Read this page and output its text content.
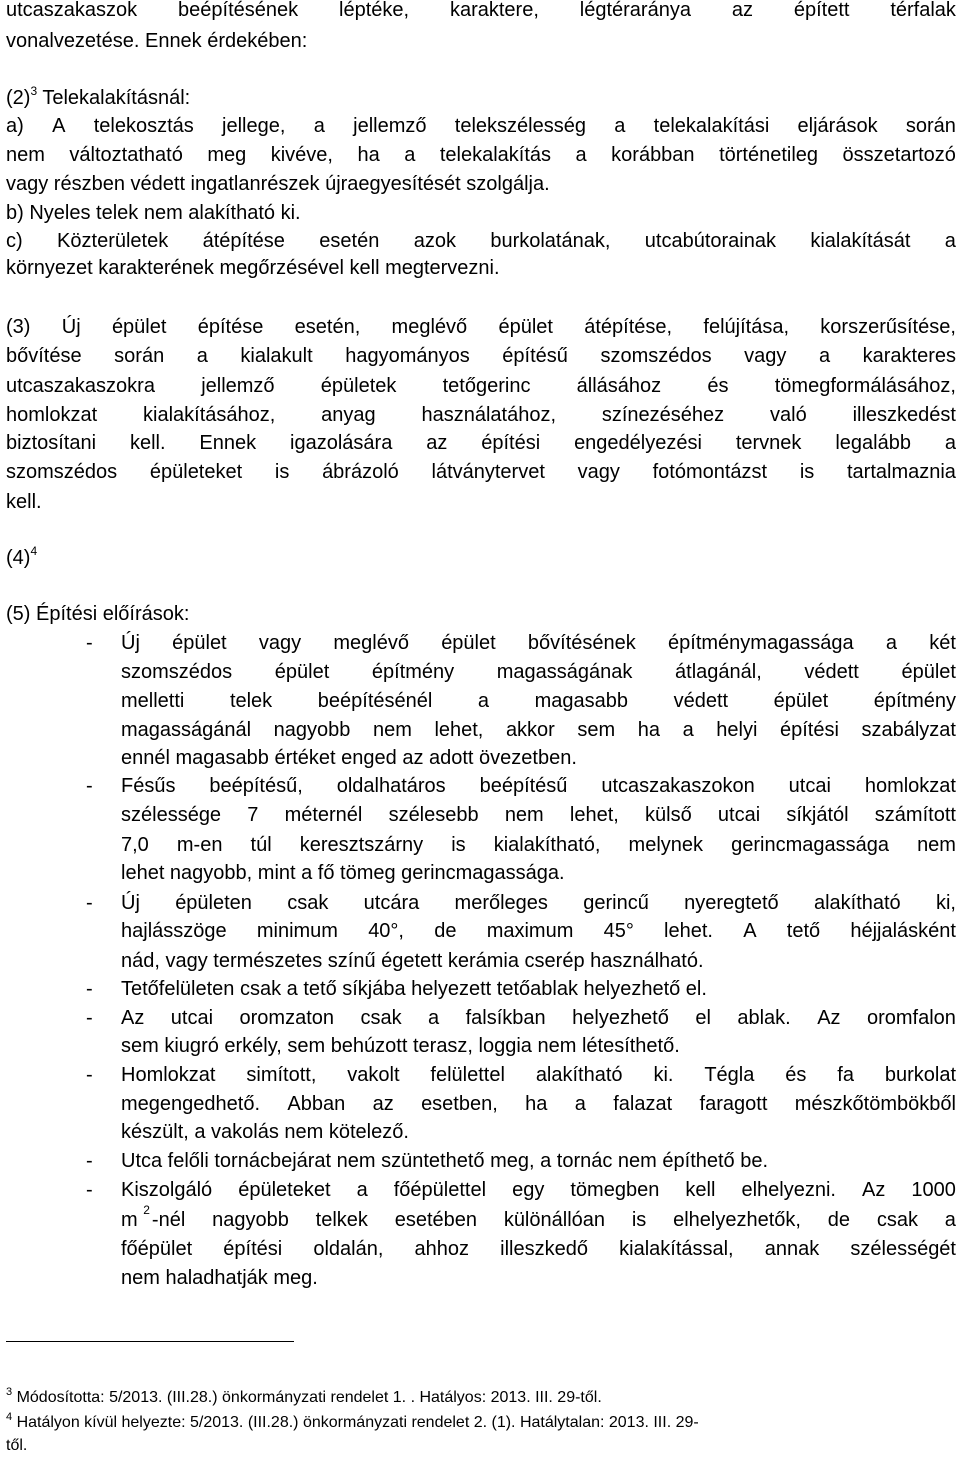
utcaszakaszok beépítésének léptéke, karaktere, légtéraránya az épített térfalak
vonalvezetése. Ennek érdekében:
$(2)^3$ Telekalakításnál:
a) A telekosztás jellege, a jellemző telekszélesség a telekalakítási eljárások során
nem változtatható meg kivéve, ha a telekalakítás a korábban történetileg összetartozó
vagy részben védett ingatlanrészek újraegyesítését szolgálja.
b) Nyeles telek nem alakítható ki.
c) Közterületek átépítése esetén azok burkolatának, utcabútorainak kialakítását a
környezet karakterének megőrzésével kell megtervezni.
(3) Új épület építése esetén, meglévő épület átépítése, felújítása, korszerűsítése,
bővítése során a kialakult hagyományos építésű szomszédos vagy a karakteres
utcaszakaszokra jellemző épületek tetőgerinc állásához és tömegformálásához,
homlokzat kialakításához, anyag használatához, színezéséhez való illeszkedést
biztosítani kell. Ennek igazolására az építési engedélyezési tervnek legalább a
szomszédos épületeket is ábrázoló látványtervet vagy fotómontázst is tartalmaznia
kell.
$(4)^4$
(5) Építési előírások:
- Új épület vagy meglévő épület bővítésének építménymagassága a két
szomszédos épület építmény magasságának átlagánál, védett épület
melletti telek beépítésénél a magasabb védett épület építmény
magasságánál nagyobb nem lehet, akkor sem ha a helyi építési szabályzat
ennél magasabb értéket enged az adott övezetben.
- Fésűs beépítésű, oldalhatáros beépítésű utcaszakaszokon utcai homlokzat
szélessége 7 méternél szélesebb nem lehet, külső utcai síkjától számított
7,0 m-en túl keresztszárny is kialakítható, melynek gerincmagassága nem
lehet nagyobb, mint a fő tömeg gerincmagassága.
- Új épületen csak utcára merőleges gerincű nyeregtető alakítható ki,
hajlásszöge minimum 40°, de maximum 45° lehet. A tető héjjalásként
nád, vagy természetes színű égetett kerámia cserép használható.
- Tetőfelületen csak a tető síkjába helyezett tetőablak helyezhető el.
- Az utcai oromzaton csak a falsíkban helyezhető el ablak. Az oromfalon
sem kiugró erkély, sem behúzott terasz, loggia nem létesíthető.
- Homlokzat simított, vakolt felülettel alakítható ki. Tégla és fa burkolat
megengedhető. Abban az esetben, ha a falazat faragott mészkőtömbökből
készült, a vakolás nem kötelező.
- Utca felőli tornácbejárat nem szüntethető meg, a tornác nem építhető be.
- Kiszolgáló épületeket a főépülettel egy tömegben kell elhelyezni. Az 1000
m 2 -nél nagyobb telkek esetében különállóan is elhelyezhetők, de csak a
főépület építési oldalán, ahhoz illeszkedő kialakítással, annak szélességét
nem haladhatják meg.
$^3$ Módosította: 5/2013. (III.28.) önkormányzati rendelet 1. . Hatályos: 2013. III. 29-től.
$^4$ Hatályon kívül helyezte: 5/2013. (III.28.) önkormányzati rendelet 2. (1). Hatálytalan: 2013. III. 29-
től.
